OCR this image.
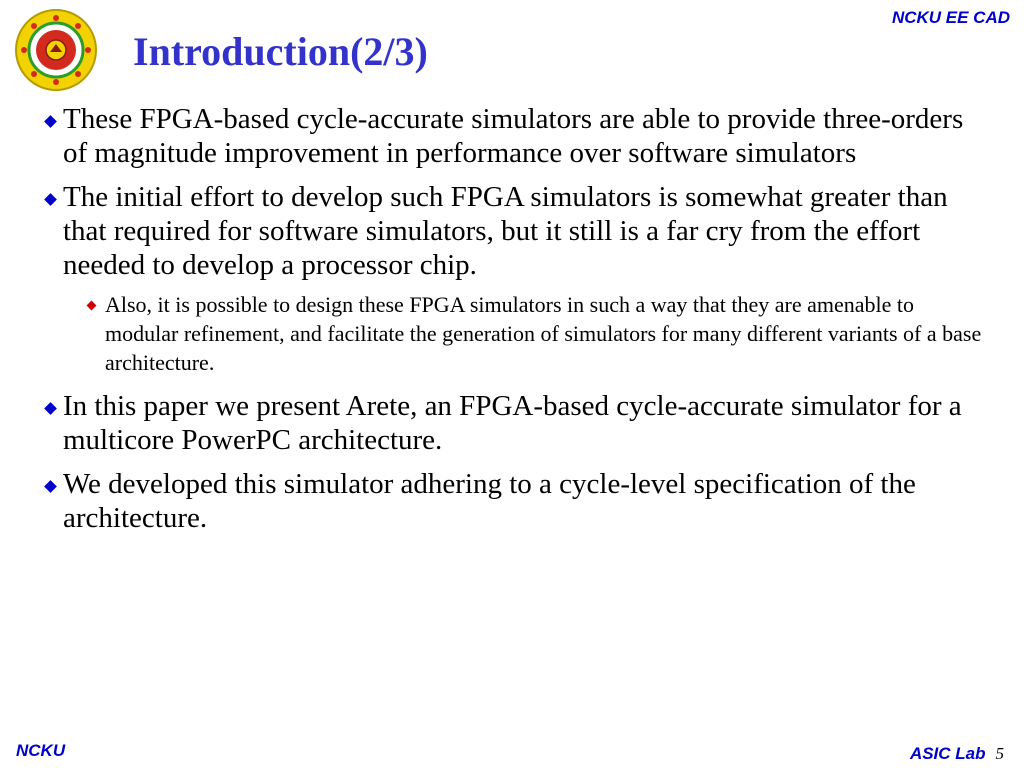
NCKU EE CAD
Introduction(2/3)
These FPGA-based cycle-accurate simulators are able to provide three-orders of magnitude improvement in performance over software simulators
The initial effort to develop such FPGA simulators is somewhat greater than that required for software simulators, but it still is a far cry from the effort needed to develop a processor chip.
Also, it is possible to design these FPGA simulators in such a way that they are amenable to modular refinement, and facilitate the generation of simulators for many different variants of a base architecture.
In this paper we present Arete, an FPGA-based cycle-accurate simulator for a multicore PowerPC architecture.
We developed this simulator adhering to a cycle-level specification of the architecture.
NCKU	ASIC Lab 5
